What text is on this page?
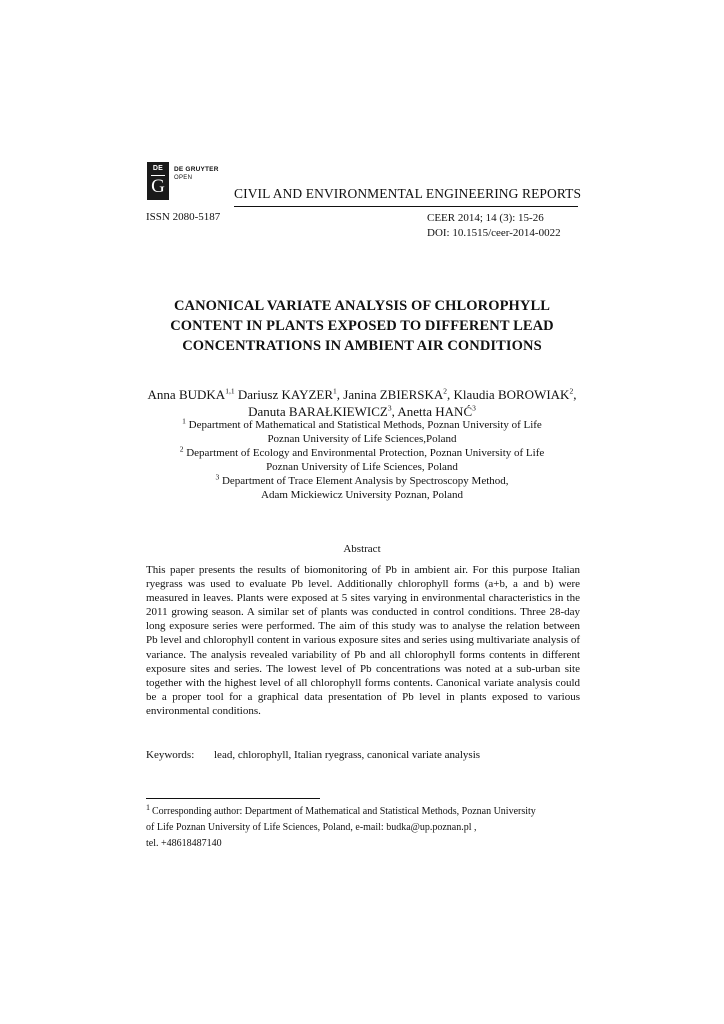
DE
G
DE GRUYTER
OPEN
CIVIL AND ENVIRONMENTAL ENGINEERING REPORTS
ISSN 2080-5187	CEER 2014; 14 (3): 15-26
DOI: 10.1515/ceer-2014-0022
CANONICAL VARIATE ANALYSIS OF CHLOROPHYLL
CONTENT IN PLANTS EXPOSED TO DIFFERENT LEAD
CONCENTRATIONS IN AMBIENT AIR CONDITIONS
Anna BUDKA$^{1,1}$ Dariusz KAYZER$^1$, Janina ZBIERSKA$^2$, Klaudia BOROWIAK$^2$, Danuta BARAŁKIEWICZ$^3$, Anetta HANĆ$^3$
$^1$ Department of Mathematical and Statistical Methods, Poznan University of Life
Poznan University of Life Sciences,Poland
$^2$ Department of Ecology and Environmental Protection, Poznan University of Life
Poznan University of Life Sciences, Poland
$^3$ Department of Trace Element Analysis by Spectroscopy Method,
Adam Mickiewicz University Poznan, Poland
Abstract
This paper presents the results of biomonitoring of Pb in ambient air. For this purpose Italian ryegrass was used to evaluate Pb level. Additionally chlorophyll forms (a+b, a and b) were measured in leaves. Plants were exposed at 5 sites varying in environmental characteristics in the 2011 growing season. A similar set of plants was conducted in control conditions. Three 28-day long exposure series were performed. The aim of this study was to analyse the relation between Pb level and chlorophyll content in various exposure sites and series using multivariate analysis of variance. The analysis revealed variability of Pb and all chlorophyll forms contents in different exposure sites and series. The lowest level of Pb concentrations was noted at a sub-urban site together with the highest level of all chlorophyll forms contents. Canonical variate analysis could be a proper tool for a graphical data presentation of Pb level in plants exposed to various environmental conditions.
Keywords: lead, chlorophyll, Italian ryegrass, canonical variate analysis
$^1$ Corresponding author: Department of Mathematical and Statistical Methods, Poznan University
of Life Poznan University of Life Sciences, Poland, e-mail: budka@up.poznan.pl ,
tel. +48618487140
